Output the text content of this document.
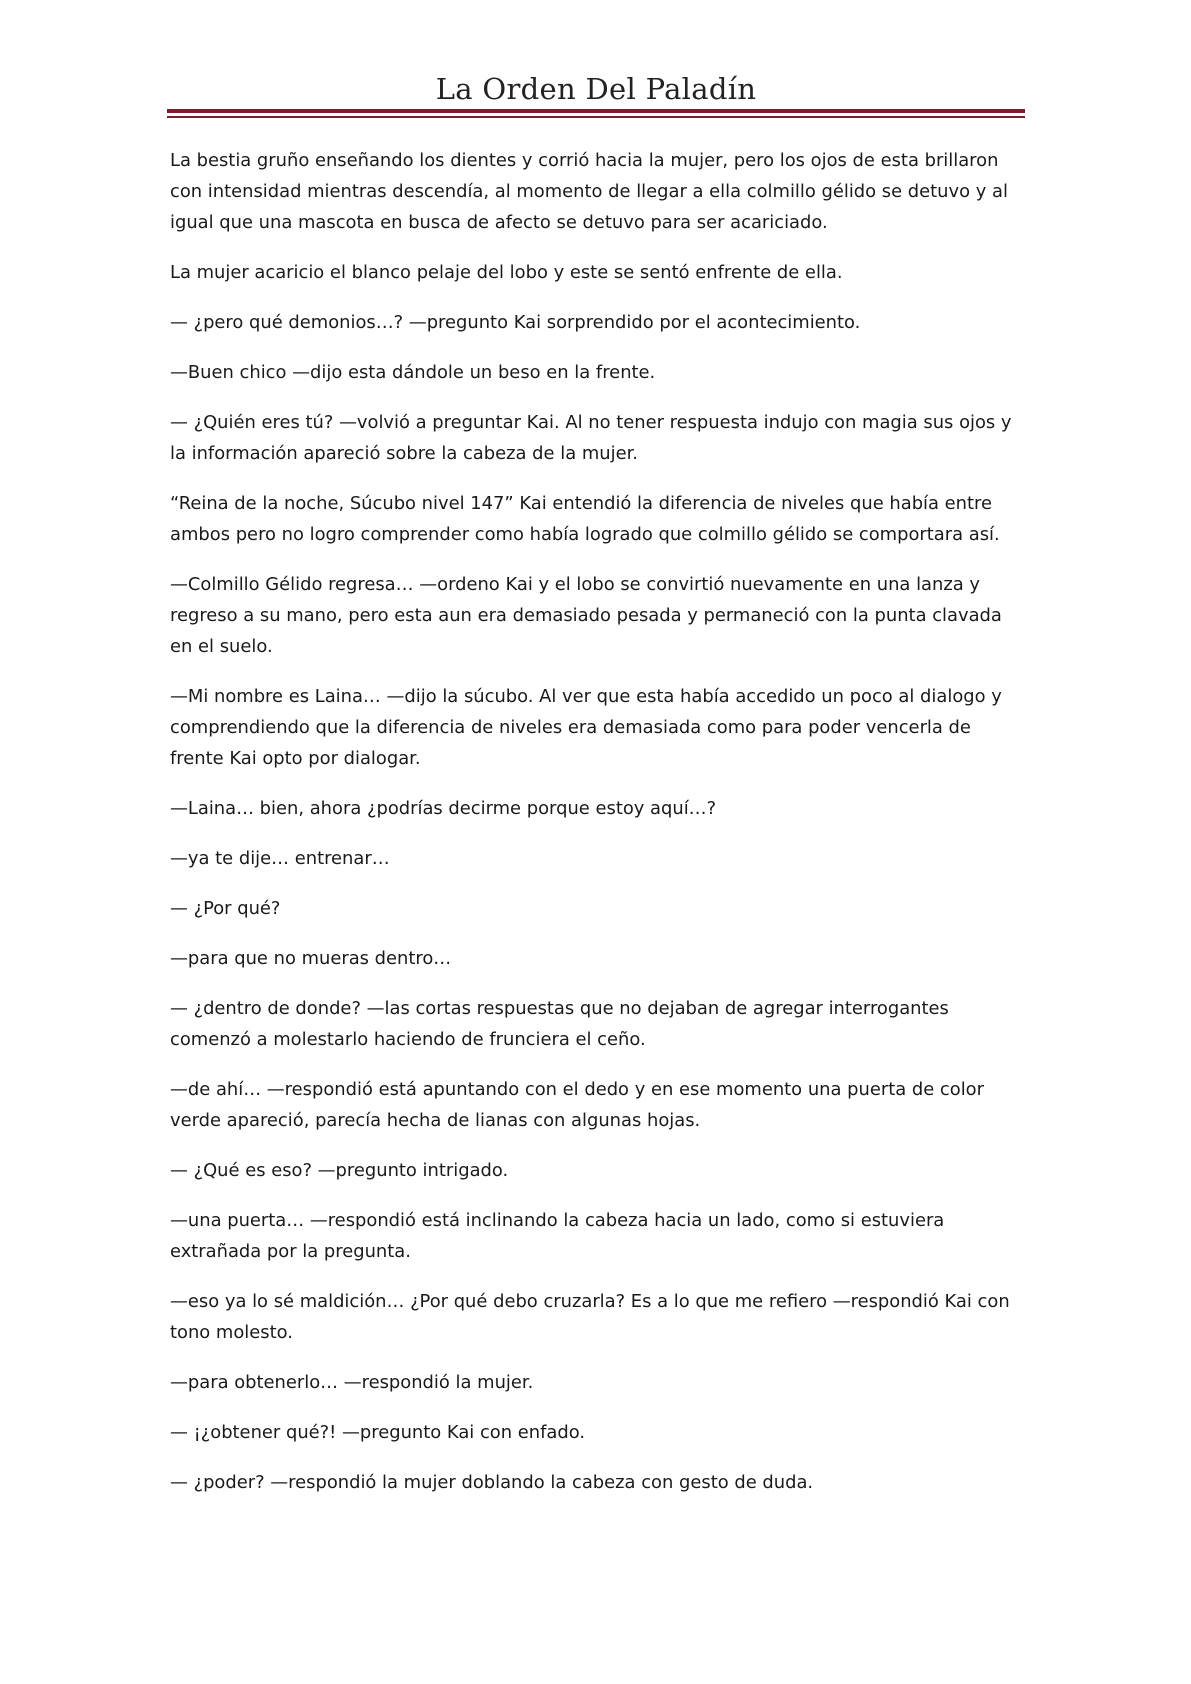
La Orden Del Paladín

La bestia gruño enseñando los dientes y corrió hacia la mujer, pero los ojos de esta brillaron con intensidad mientras descendía, al momento de llegar a ella colmillo gélido se detuvo y al igual que una mascota en busca de afecto se detuvo para ser acariciado.

La mujer acaricio el blanco pelaje del lobo y este se sentó enfrente de ella.

— ¿pero qué demonios…? —pregunto Kai sorprendido por el acontecimiento.

—Buen chico —dijo esta dándole un beso en la frente.

— ¿Quién eres tú? —volvió a preguntar Kai. Al no tener respuesta indujo con magia sus ojos y la información apareció sobre la cabeza de la mujer.

“Reina de la noche, Súcubo nivel 147” Kai entendió la diferencia de niveles que había entre ambos pero no logro comprender como había logrado que colmillo gélido se comportara así.

—Colmillo Gélido regresa… —ordeno Kai y el lobo se convirtió nuevamente en una lanza y regreso a su mano, pero esta aun era demasiado pesada y permaneció con la punta clavada en el suelo.

—Mi nombre es Laina… —dijo la súcubo. Al ver que esta había accedido un poco al dialogo y comprendiendo que la diferencia de niveles era demasiada como para poder vencerla de frente Kai opto por dialogar.

—Laina… bien, ahora ¿podrías decirme porque estoy aquí…?

—ya te dije… entrenar…

— ¿Por qué?

—para que no mueras dentro…

— ¿dentro de donde? —las cortas respuestas que no dejaban de agregar interrogantes comenzó a molestarlo haciendo de frunciera el ceño.

—de ahí… —respondió está apuntando con el dedo y en ese momento una puerta de color verde apareció, parecía hecha de lianas con algunas hojas.

— ¿Qué es eso? —pregunto intrigado.

—una puerta… —respondió está inclinando la cabeza hacia un lado, como si estuviera extrañada por la pregunta.

—eso ya lo sé maldición… ¿Por qué debo cruzarla? Es a lo que me refiero —respondió Kai con tono molesto.

—para obtenerlo… —respondió la mujer.

— ¡¿obtener qué?! —pregunto Kai con enfado.

— ¿poder? —respondió la mujer doblando la cabeza con gesto de duda.
